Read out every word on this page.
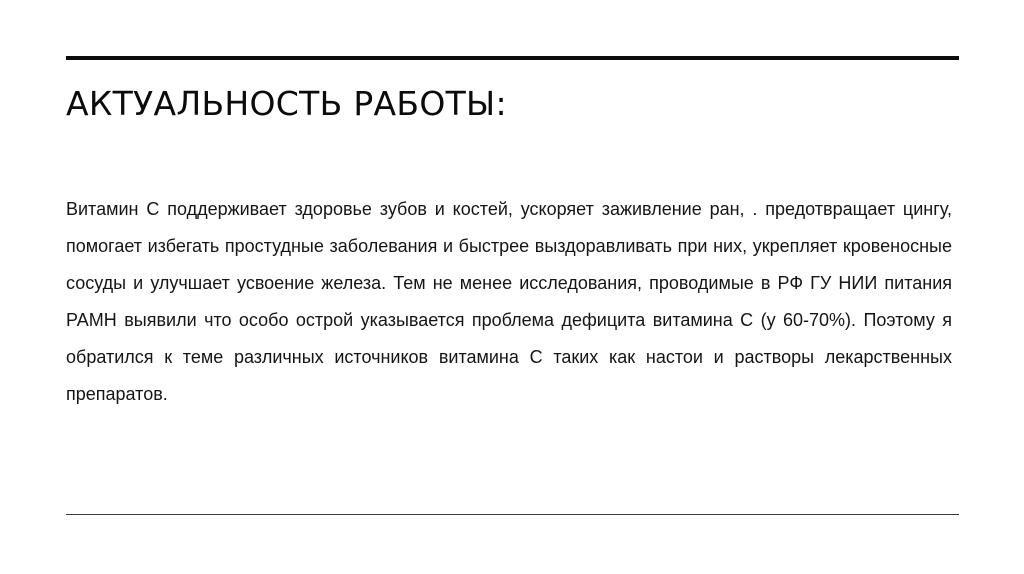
АКТУАЛЬНОСТЬ РАБОТЫ:

Витамин С поддерживает здоровье зубов и костей, ускоряет заживление ран, . предотвращает цингу, помогает избегать простудные заболевания и быстрее выздоравливать при них, укрепляет кровеносные сосуды и улучшает усвоение железа. Тем не менее исследования, проводимые в РФ ГУ НИИ питания РАМН выявили что особо острой указывается проблема дефицита витамина С (у 60-70%). Поэтому я обратился к теме различных источников витамина С таких как настои и растворы лекарственных препаратов.
